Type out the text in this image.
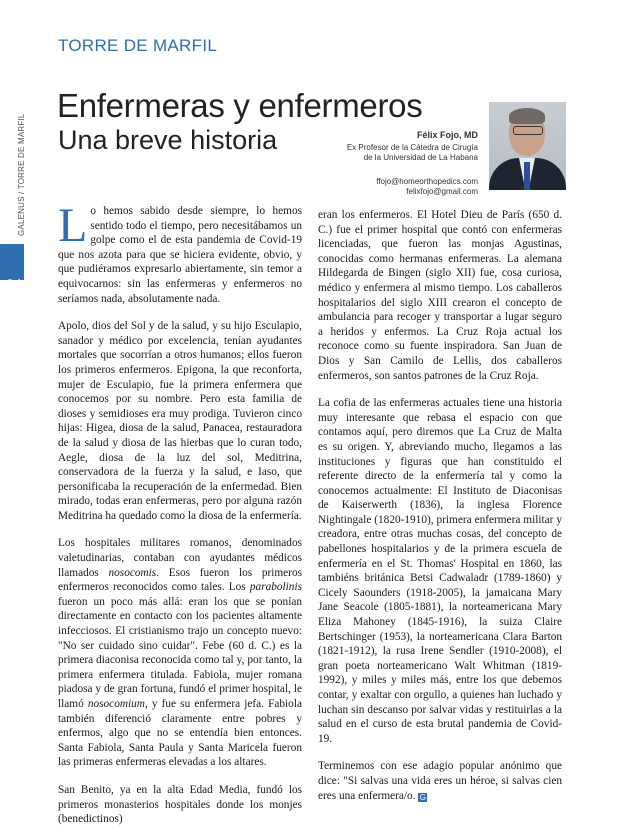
TORRE DE MARFIL
Enfermeras y enfermeros
Una breve historia	Félix Fojo, MD
Ex Profesor de la Cátedra de Cirugía
de la Universidad de La Habana
ffojo@homeorthopedics.com
felixfojo@gmail.com
72
GALENUS / TORRE DE MARFIL Lo hemos sabido desde siempre, lo hemos sentido todo el tiempo, pero necesitábamos un golpe como el de esta pandemia de Covid-19 que nos azota para que se hiciera evidente, obvio, y que pudiéramos expresarlo abiertamente, sin temor a equivocarnos: sin las enfermeras y enfermeros no seríamos nada, absolutamente nada.

Apolo, dios del Sol y de la salud, y su hijo Esculapio, sanador y médico por excelencia, tenían ayudantes mortales que socorrían a otros humanos; ellos fueron los primeros enfermeros. Epigona, la que reconforta, mujer de Esculapio, fue la primera enfermera que conocemos por su nombre. Pero esta familia de dioses y semidioses era muy prodiga. Tuvieron cinco hijas: Higea, diosa de la salud, Panacea, restauradora de la salud y diosa de las hierbas que lo curan todo, Aegle, diosa de la luz del sol, Meditrina, conservadora de la fuerza y la salud, e Iaso, que personificaba la recuperación de la enfermedad. Bien mirado, todas eran enfermeras, pero por alguna razón Meditrina ha quedado como la diosa de la enfermería.

Los hospitales militares romanos, denominados valetudinarias, contaban con ayudantes médicos llamados nosocomis. Esos fueron los primeros enfermeros reconocidos como tales. Los parabolinis fueron un poco más allá: eran los que se ponían directamente en contacto con los pacientes altamente infecciosos. El cristianismo trajo un concepto nuevo: "No ser cuidado sino cuidar". Febe (60 d. C.) es la primera diaconisa reconocida como tal y, por tanto, la primera enfermera titulada. Fabiola, mujer romana piadosa y de gran fortuna, fundó el primer hospital, le llamó nosocomium, y fue su enfermera jefa. Fabiola también diferenció claramente entre pobres y enfermos, algo que no se entendía bien entonces. Santa Fabiola, Santa Paula y Santa Maricela fueron las primeras enfermeras elevadas a los altares.

San Benito, ya en la alta Edad Media, fundó los primeros monasterios hospitales donde los monjes (benedictinos)

eran los enfermeros. El Hotel Dieu de París (650 d. C.) fue el primer hospital que contó con enfermeras licenciadas, que fueron las monjas Agustinas, conocidas como hermanas enfermeras. La alemana Hildegarda de Bingen (siglo XII) fue, cosa curiosa, médico y enfermera al mismo tiempo. Los caballeros hospitalarios del siglo XIII crearon el concepto de ambulancia para recoger y transportar a lugar seguro a heridos y enfermos. La Cruz Roja actual los reconoce como su fuente inspiradora. San Juan de Dios y San Camilo de Lellis, dos caballeros enfermeros, son santos patrones de la Cruz Roja.

La cofia de las enfermeras actuales tiene una historia muy interesante que rebasa el espacio con que contamos aquí, pero diremos que La Cruz de Malta es su origen. Y, abreviando mucho, llegamos a las instituciones y figuras que han constituido el referente directo de la enfermería tal y como la conocemos actualmente: El Instituto de Diaconisas de Kaiserwerth (1836), la inglesa Florence Nightingale (1820-1910), primera enfermera militar y creadora, entre otras muchas cosas, del concepto de pabellones hospitalarios y de la primera escuela de enfermería en el St. Thomas' Hospital en 1860, las tambiéns británica Betsi Cadwaladr (1789-1860) y Cicely Saounders (1918-2005), la jamaicana Mary Jane Seacole (1805-1881), la norteamericana Mary Eliza Mahoney (1845-1916), la suiza Claire Bertschinger (1953), la norteamericana Clara Barton (1821-1912), la rusa Irene Sendler (1910-2008), el gran poeta norteamericano Walt Whitman (1819-1992), y miles y miles más, entre los que debemos contar, y exaltar con orgullo, a quienes han luchado y luchan sin descanso por salvar vidas y restituirlas a la salud en el curso de esta brutal pandemia de Covid-19.

Terminemos con ese adagio popular anónimo que dice: "Si salvas una vida eres un héroe, si salvas cien eres una enfermera/o. G
